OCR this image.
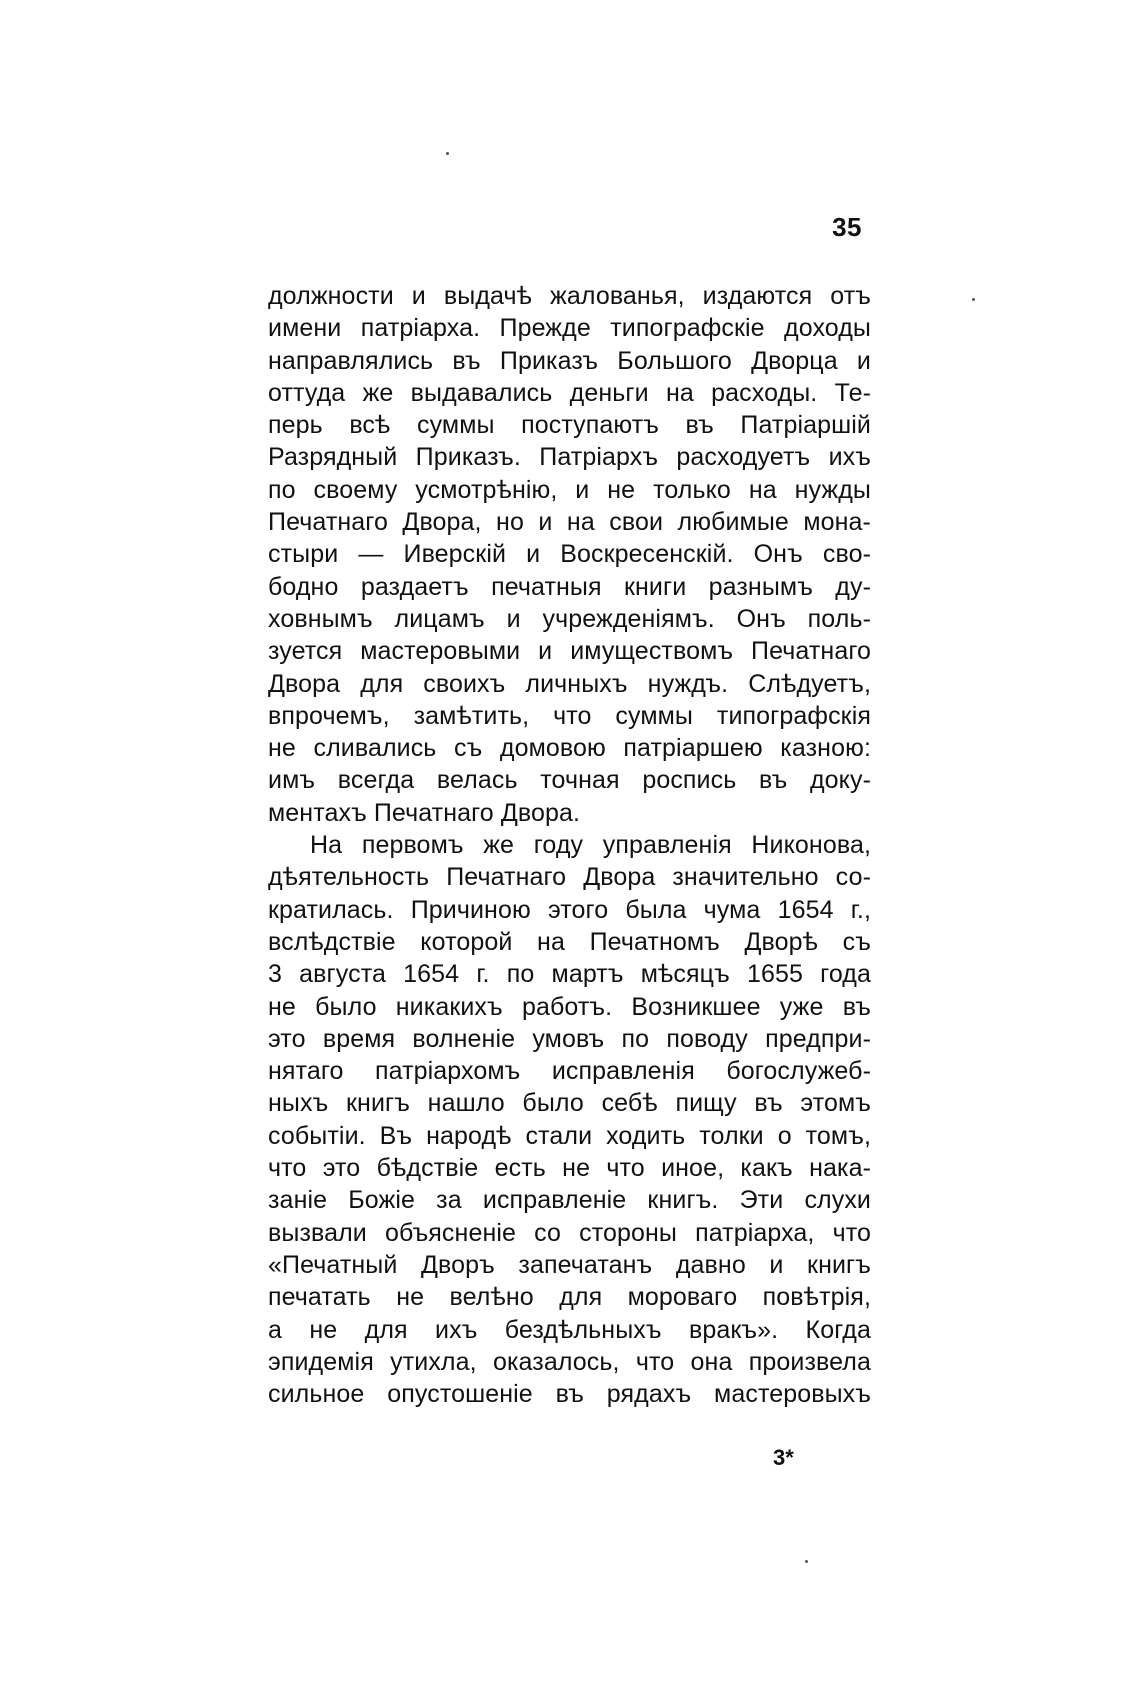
35
должности и выдачѣ жалованья, издаются отъ
имени патріарха. Прежде типографскіе доходы
направлялись въ Приказъ Большого Дворца и
оттуда же выдавались деньги на расходы. Те-
перь всѣ суммы поступаютъ въ Патріаршій
Разрядный Приказъ. Патріархъ расходуетъ ихъ
по своему усмотрѣнію, и не только на нужды
Печатнаго Двора, но и на свои любимые мона-
стыри — Иверскій и Воскресенскій. Онъ сво-
бодно раздаетъ печатныя книги разнымъ ду-
ховнымъ лицамъ и учрежденіямъ. Онъ поль-
зуется мастеровыми и имуществомъ Печатнаго
Двора для своихъ личныхъ нуждъ. Слѣдуетъ,
впрочемъ, замѣтить, что суммы типографскія
не сливались съ домовою патріаршею казною:
имъ всегда велась точная роспись въ доку-
ментахъ Печатнаго Двора.
На первомъ же году управленія Никонова,
дѣятельность Печатнаго Двора значительно со-
кратилась. Причиною этого была чума 1654 г.,
вслѣдствіе которой на Печатномъ Дворѣ съ
3 августа 1654 г. по мартъ мѣсяцъ 1655 года
не было никакихъ работъ. Возникшее уже въ
это время волненіе умовъ по поводу предпри-
нятаго патріархомъ исправленія богослужеб-
ныхъ книгъ нашло было себѣ пищу въ этомъ
событіи. Въ народѣ стали ходить толки о томъ,
что это бѣдствіе есть не что иное, какъ нака-
заніе Божіе за исправленіе книгъ. Эти слухи
вызвали объясненіе со стороны патріарха, что
«Печатный Дворъ запечатанъ давно и книгъ
печатать не велѣно для моровагo повѣтрія,
а не для ихъ бездѣльныхъ вракъ». Когда
эпидемія утихла, оказалось, что она произвела
сильное опустошеніе въ рядахъ мастеровыхъ
3*
